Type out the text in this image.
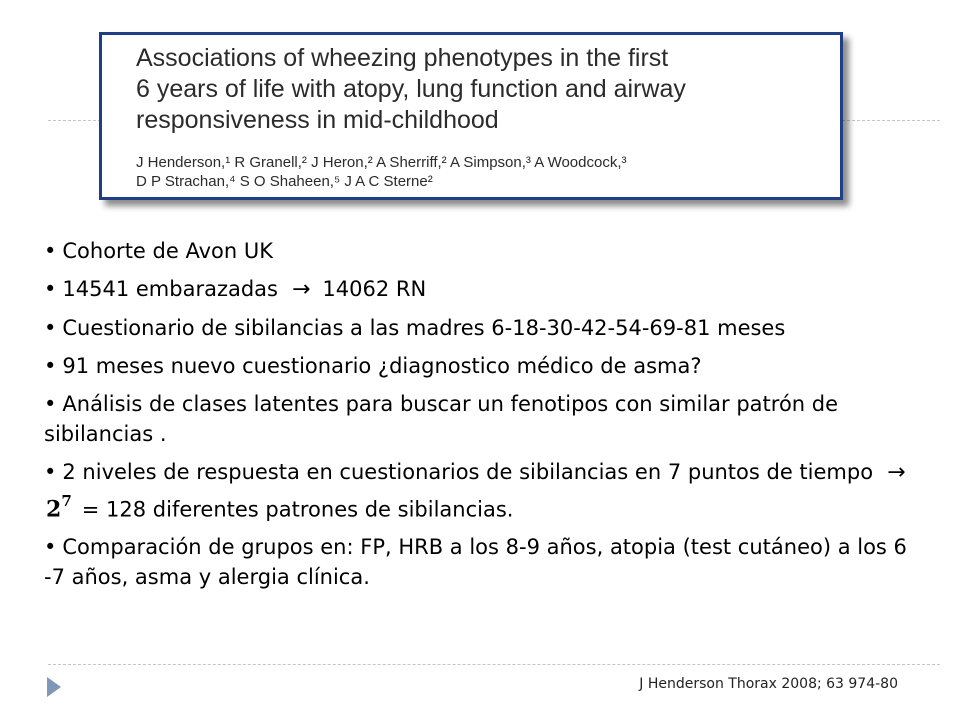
Associations of wheezing phenotypes in the first
6 years of life with atopy, lung function and airway
responsiveness in mid-childhood
J Henderson,¹ R Granell,² J Heron,² A Sherriff,² A Simpson,³ A Woodcock,³
D P Strachan,⁴ S O Shaheen,⁵ J A C Sterne²
• Cohorte de Avon UK
• 14541 embarazadas → 14062 RN
• Cuestionario de sibilancias a las madres 6-18-30-42-54-69-81 meses
• 91 meses nuevo cuestionario ¿diagnostico médico de asma?
• Análisis de clases latentes para buscar un fenotipos con similar patrón de sibilancias .
• 2 niveles de respuesta en cuestionarios de sibilancias en 7 puntos de tiempo $\to 2^7 = 128$ diferentes patrones de sibilancias.
• Comparación de grupos en: FP, HRB a los 8-9 años, atopia (test cutáneo) a los 6 -7 años, asma y alergia clínica.
J Henderson Thorax 2008; 63 974-80
